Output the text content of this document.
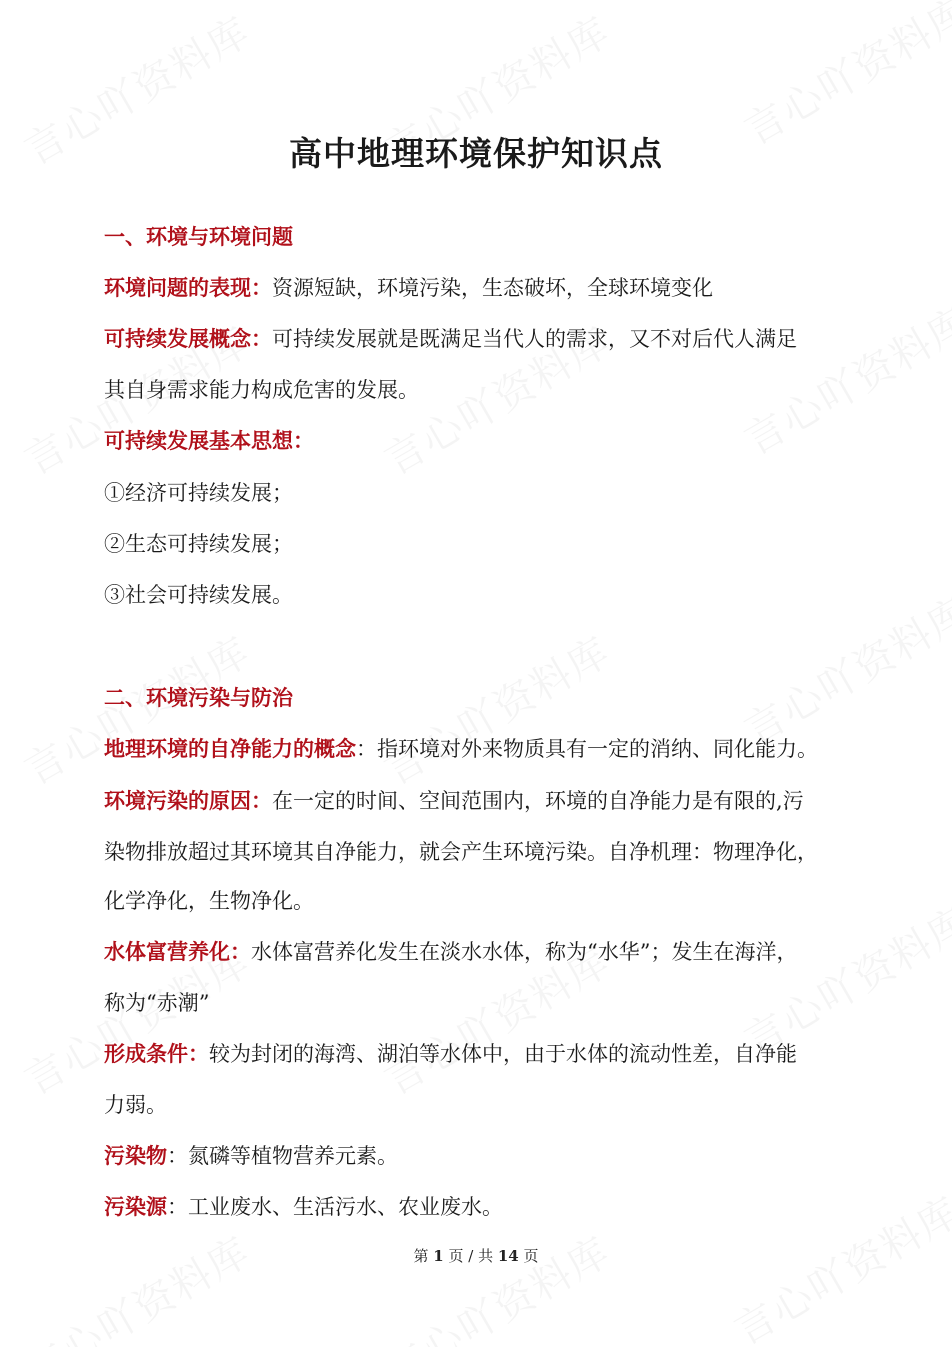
高中地理环境保护知识点
一、环境与环境问题
环境问题的表现：资源短缺，环境污染，生态破坏，全球环境变化
可持续发展概念：可持续发展就是既满足当代人的需求，又不对后代人满足
其自身需求能力构成危害的发展。
可持续发展基本思想：
①经济可持续发展；
②生态可持续发展；
③社会可持续发展。
二、环境污染与防治
地理环境的自净能力的概念：指环境对外来物质具有一定的消纳、同化能力。
环境污染的原因：在一定的时间、空间范围内，环境的自净能力是有限的,污
染物排放超过其环境其自净能力，就会产生环境污染。自净机理：物理净化，
化学净化，生物净化。
水体富营养化：水体富营养化发生在淡水水体，称为“水华”；发生在海洋，
称为“赤潮”
形成条件：较为封闭的海湾、湖泊等水体中，由于水体的流动性差，自净能
力弱。
污染物：氮磷等植物营养元素。
污染源：工业废水、生活污水、农业废水。
第 1 页 / 共 14 页
